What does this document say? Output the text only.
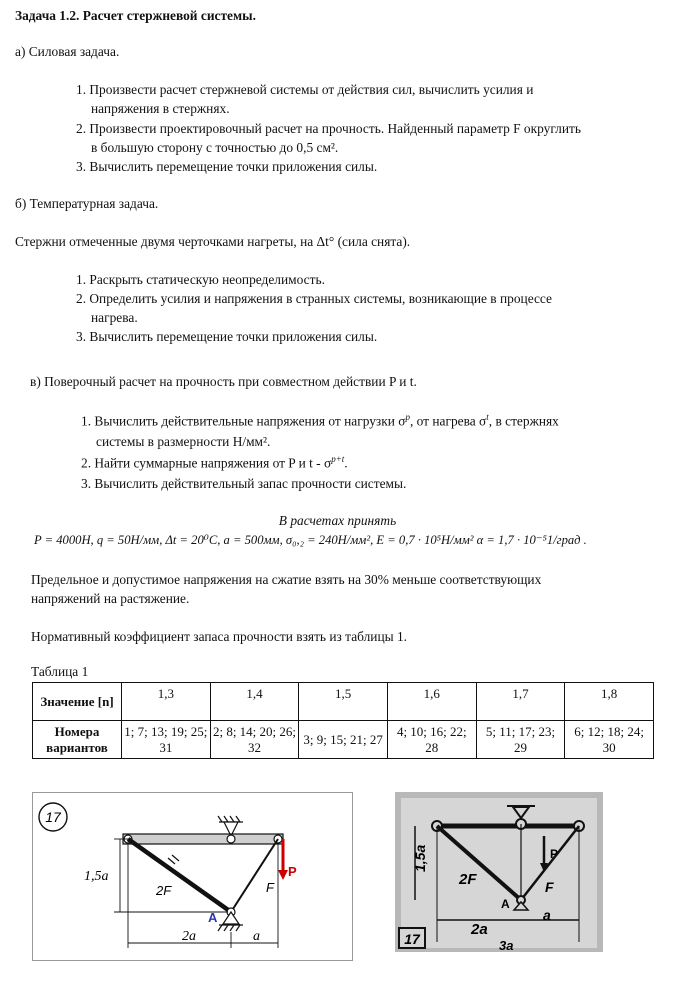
Задача 1.2. Расчет стержневой системы.
а) Силовая задача.
1. Произвести расчет стержневой системы от действия сил, вычислить усилия и
напряжения в стержнях.
2. Произвести проектировочный расчет на прочность. Найденный параметр F округлить
в большую сторону с точностью до 0,5 см².
3. Вычислить перемещение точки приложения силы.
б) Температурная задача.
Стержни отмеченные двумя черточками нагреты, на Δt° (сила снята).
1. Раскрыть статическую неопределимость.
2. Определить усилия и напряжения в странных системы, возникающие в процессе
нагрева.
3. Вычислить перемещение точки приложения силы.
в) Поверочный расчет на прочность при совместном действии P и t.
1. Вычислить действительные напряжения от нагрузки $\sigma^p$, от нагрева $\sigma^t$, в стержнях
системы в размерности Н/мм².
2. Найти суммарные напряжения от P и t - $\sigma^{p+t}$.
3. Вычислить действительный запас прочности системы.
В расчетах принять
P = 4000Н, q = 50Н/мм, Δt = 20⁰C, a = 500мм, σ₀,₂ = 240Н/мм², E = 0,7 · 10⁵Н/мм² α = 1,7 · 10⁻⁵1/град .
Предельное и допустимое напряжения на сжатие взять на 30% меньше соответствующих
напряжений на растяжение.
Нормативный коэффициент запаса прочности взять из таблицы 1.
Таблица 1
Значение [n]	1,3	1,4	1,5	1,6	1,7	1,8
Номера вариантов	1; 7; 13; 19; 25; 31	2; 8; 14; 20; 26; 32	3; 9; 15; 21; 27	4; 10; 16; 22; 28	5; 11; 17; 23; 29	6; 12; 18; 24; 30
17
A
P
2F	F
1,5a
2a	a
P
A
2F	F
1,5a
2a
a
3a
17
